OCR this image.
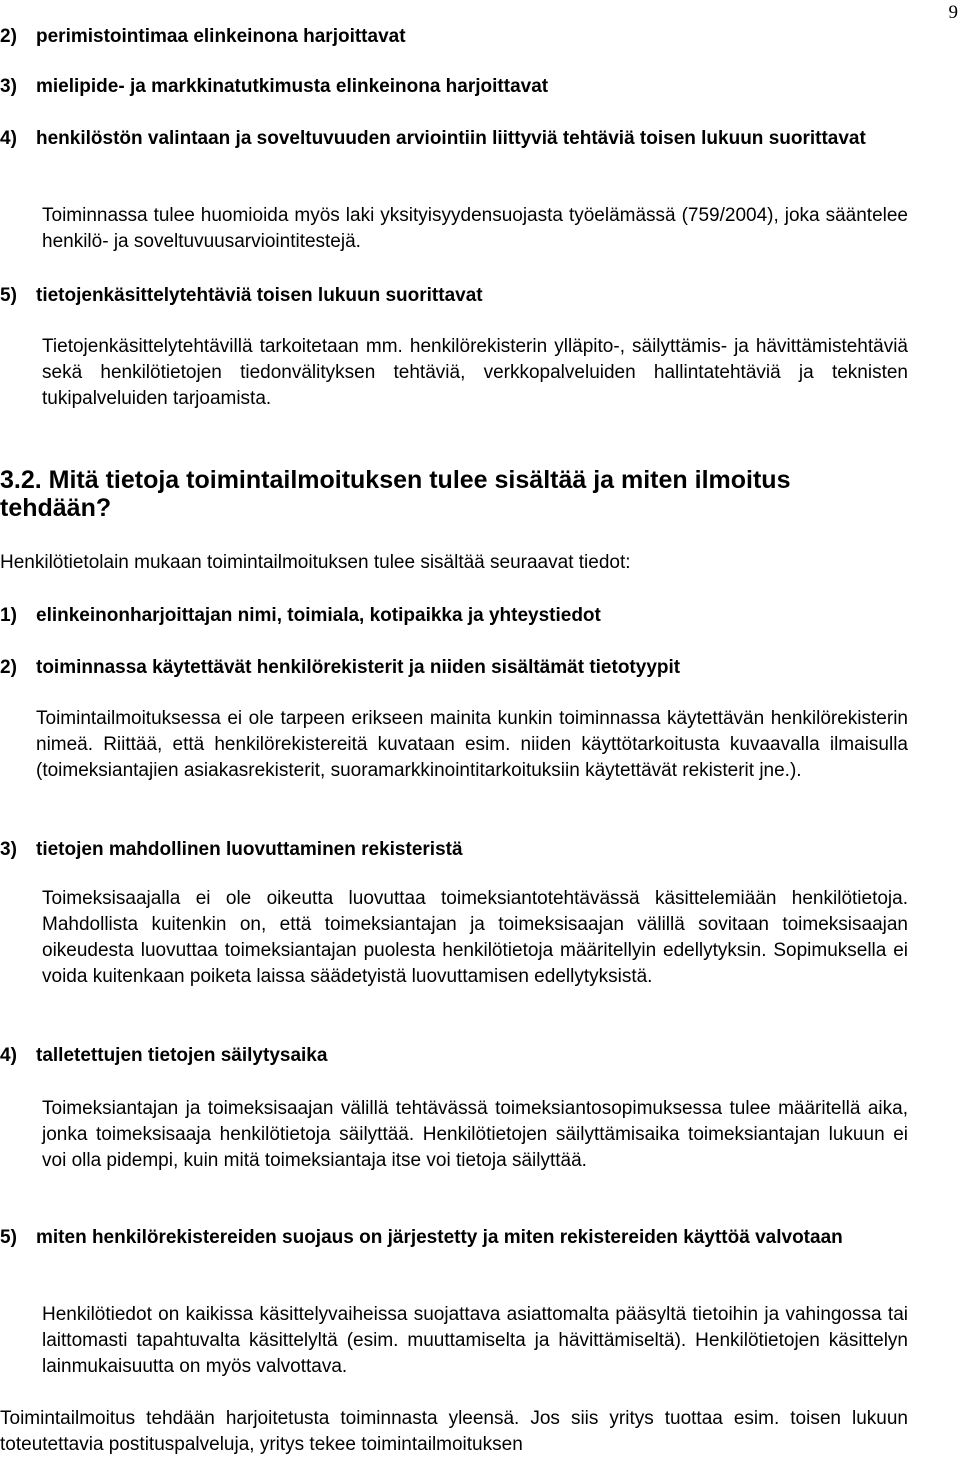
9
2)	perimistointimaa elinkeinona harjoittavat
3)	mielipide- ja markkinatutkimusta elinkeinona harjoittavat
4)	henkilöstön valintaan ja soveltuvuuden arviointiin liittyviä tehtäviä toisen lukuun suorittavat

Toiminnassa tulee huomioida myös laki yksityisyydensuojasta työelämässä (759/2004), joka sääntelee henkilö- ja soveltuvuusarviointitestejä.

5)	tietojenkäsittelytehtäviä toisen lukuun suorittavat

Tietojenkäsittelytehtävillä tarkoitetaan mm. henkilörekisterin ylläpito-, säilyttämis- ja hävittämistehtäviä sekä henkilötietojen tiedonvälityksen tehtäviä, verkkopalveluiden hallintatehtäviä ja teknisten tukipalveluiden tarjoamista.

3.2. Mitä tietoja toimintailmoituksen tulee sisältää ja miten ilmoitus tehdään?

Henkilötietolain mukaan toimintailmoituksen tulee sisältää seuraavat tiedot:

1)	elinkeinonharjoittajan nimi, toimiala, kotipaikka ja yhteystiedot
2)	toiminnassa käytettävät henkilörekisterit ja niiden sisältämät tietotyypit

Toimintailmoituksessa ei ole tarpeen erikseen mainita kunkin toiminnassa käytettävän henkilörekisterin nimeä. Riittää, että henkilörekistereitä kuvataan esim. niiden käyttötarkoitusta kuvaavalla ilmaisulla (toimeksiantajien asiakasrekisterit, suoramarkkinointitarkoituksiin käytettävät rekisterit jne.).

3)	tietojen mahdollinen luovuttaminen rekisteristä

Toimeksisaajalla ei ole oikeutta luovuttaa toimeksiantotehtävässä käsittelemiään henkilötietoja. Mahdollista kuitenkin on, että toimeksiantajan ja toimeksisaajan välillä sovitaan toimeksisaajan oikeudesta luovuttaa toimeksiantajan puolesta henkilötietoja määritellyin edellytyksin. Sopimuksella ei voida kuitenkaan poiketa laissa säädetyistä luovuttamisen edellytyksistä.

4)	talletettujen tietojen säilytysaika

Toimeksiantajan ja toimeksisaajan välillä tehtävässä toimeksiantosopimuksessa tulee määritellä aika, jonka toimeksisaaja henkilötietoja säilyttää. Henkilötietojen säilyttämisaika toimeksiantajan lukuun ei voi olla pidempi, kuin mitä toimeksiantaja itse voi tietoja säilyttää.

5)	miten henkilörekistereiden suojaus on järjestetty ja miten rekistereiden käyttöä valvotaan

Henkilötiedot on kaikissa käsittelyvaiheissa suojattava asiattomalta pääsyltä tietoihin ja vahingossa tai laittomasti tapahtuvalta käsittelyltä (esim. muuttamiselta ja hävittämiseltä). Henkilötietojen käsittelyn lainmukaisuutta on myös valvottava.

Toimintailmoitus tehdään harjoitetusta toiminnasta yleensä. Jos siis yritys tuottaa esim. toisen lukuun toteutettavia postituspalveluja, yritys tekee toimintailmoituksen
